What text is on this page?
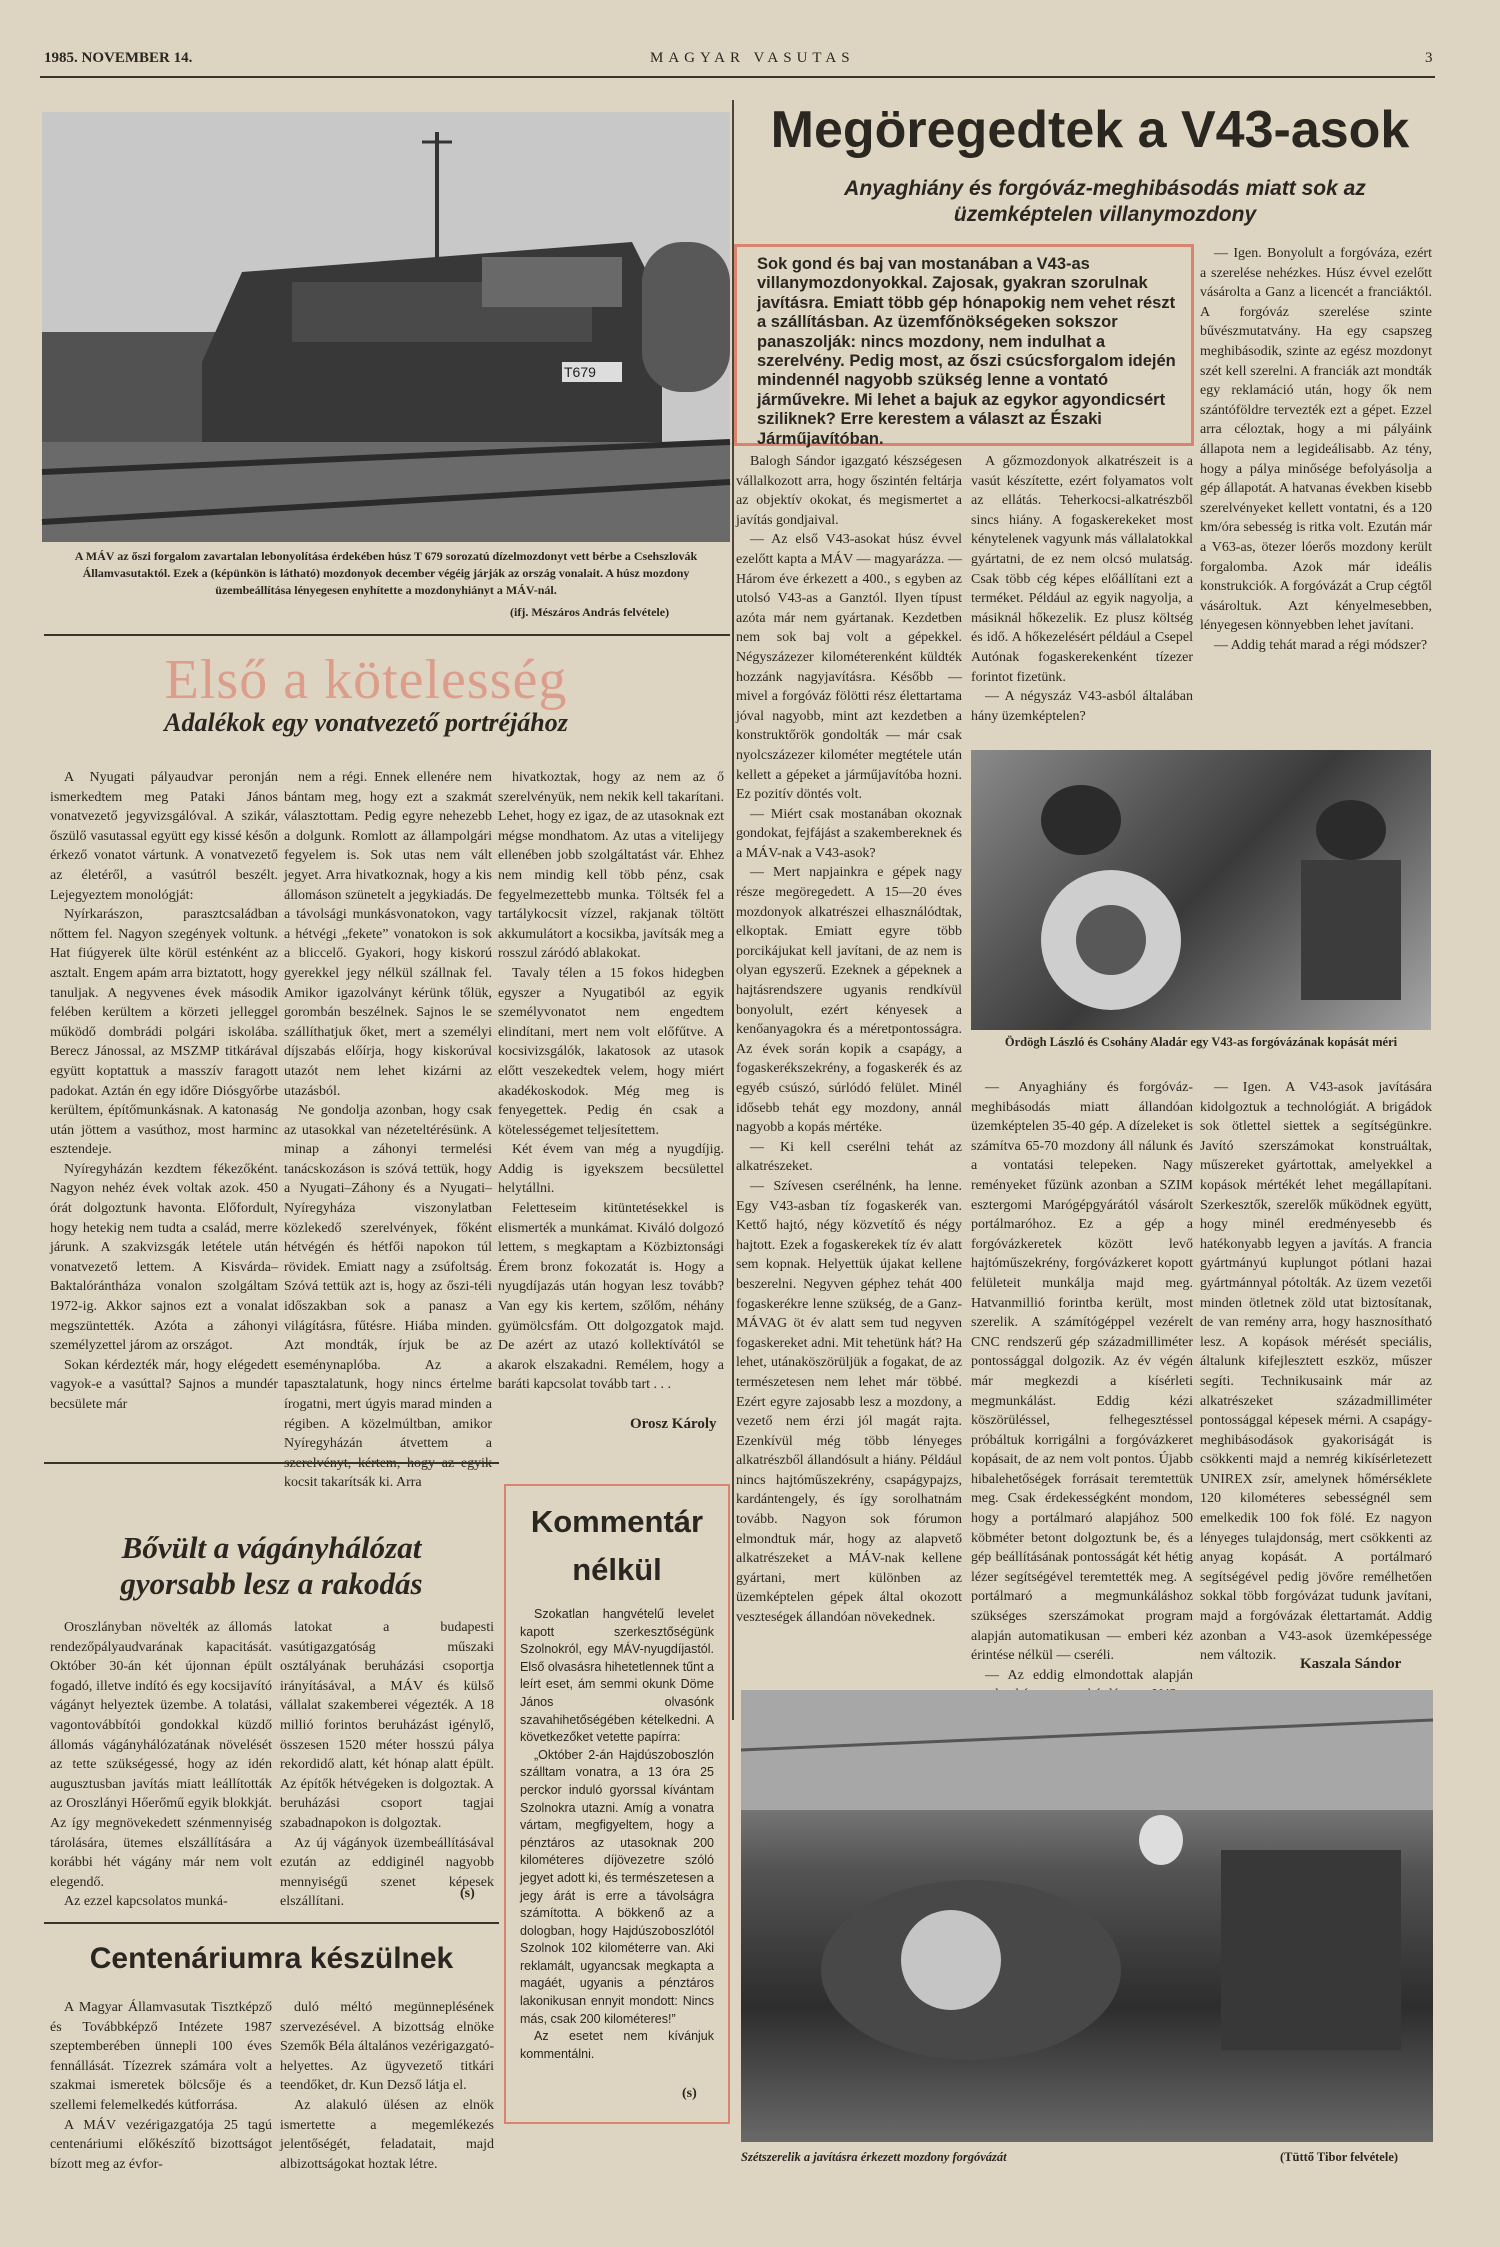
1985. NOVEMBER 14.	MAGYAR VASUTAS	3
T679
A MÁV az őszi forgalom zavartalan lebonyolítása érdekében húsz T 679 sorozatú dízelmozdonyt vett bérbe a Csehszlovák Államvasutaktól. Ezek a (képünkön is látható) mozdonyok december végéig járják az ország vonalait. A húsz mozdony üzembeállítása lényegesen enyhítette a mozdonyhiányt a MÁV-nál.
(ifj. Mészáros András felvétele)
Első a kötelesség
Adalékok egy vonatvezető portréjához

A Nyugati pályaudvar peronján ismerkedtem meg Pataki János vonatvezető jegyvizsgálóval. A szikár, őszülő vasutassal együtt egy kissé későn érkező vonatot vártunk. A vonatvezető az életéről, a vasútról beszélt. Lejegyeztem monológját:

Nyírkarászon, parasztcsaládban nőttem fel. Nagyon szegények voltunk. Hat fiúgyerek ülte körül esténként az asztalt. Engem apám arra biztatott, hogy tanuljak. A negyvenes évek második felében kerültem a körzeti jelleggel működő dombrádi polgári iskolába. Berecz Jánossal, az MSZMP titkárával együtt koptattuk a masszív faragott padokat. Aztán én egy időre Diósgyőrbe kerültem, építőmunkásnak. A katonaság után jöttem a vasúthoz, most harminc esztendeje.

Nyíregyházán kezdtem fékezőként. Nagyon nehéz évek voltak azok. 450 órát dolgoztunk havonta. Előfordult, hogy hetekig nem tudta a család, merre járunk. A szakvizsgák letétele után vonatvezető lettem. A Kisvárda–Baktalórántháza vonalon szolgáltam 1972-ig. Akkor sajnos ezt a vonalat megszüntették. Azóta a záhonyi személyzettel járom az országot.

Sokan kérdezték már, hogy elégedett vagyok-e a vasúttal? Sajnos a mundér becsülete már

nem a régi. Ennek ellenére nem bántam meg, hogy ezt a szakmát választottam. Pedig egyre nehezebb a dolgunk. Romlott az állampolgári fegyelem is. Sok utas nem vált jegyet. Arra hivatkoznak, hogy a kis állomáson szünetelt a jegykiadás. De a távolsági munkásvonatokon, vagy a hétvégi „fekete” vonatokon is sok a bliccelő. Gyakori, hogy kiskorú gyerekkel jegy nélkül szállnak fel. Amikor igazolványt kérünk tőlük, gorombán beszélnek. Sajnos le se szállíthatjuk őket, mert a személyi díjszabás előírja, hogy kiskorúval utazót nem lehet kizárni az utazásból.

Ne gondolja azonban, hogy csak az utasokkal van nézeteltérésünk. A minap a záhonyi termelési tanácskozáson is szóvá tettük, hogy a Nyugati–Záhony és a Nyugati–Nyíregyháza viszonylatban közlekedő szerelvények, főként hétvégén és hétfői napokon túl rövidek. Emiatt nagy a zsúfoltság. Szóvá tettük azt is, hogy az őszi-téli időszakban sok a panasz a világításra, fűtésre. Hiába minden. Azt mondták, írjuk be az eseménynaplóba. Az a tapasztalatunk, hogy nincs értelme írogatni, mert úgyis marad minden a régiben. A közelmúltban, amikor Nyíregyházán átvettem a kocsit takarítsák ki. Arra

hivatkoztak, hogy az nem az ő szerelvényük, nem nekik kell takarítani. Lehet, hogy ez igaz, de az utasoknak ezt mégse mondhatom. Az utas a vitelijegy ellenében jobb szolgáltatást vár. Ehhez nem mindig kell több pénz, csak fegyelmezettebb munka. Töltsék fel a tartálykocsit vízzel, rakjanak töltött akkumulátort a kocsikba, javítsák meg a rosszul záródó ablakokat.

Tavaly télen a 15 fokos hidegben egyszer a Nyugatiból az egyik személyvonatot nem engedtem elindítani, mert nem volt előfűtve. A kocsivizsgálók, lakatosok az utasok előtt veszekedtek velem, hogy miért akadékoskodok. Még meg is fenyegettek. Pedig én csak a kötelességemet teljesítettem.

Két évem van még a nyugdíjig. Addig is igyekszem becsülettel helytállni.

Feletteseim kitüntetésekkel is elismerték a munkámat. Kiváló dolgozó lettem, s megkaptam a Közbiztonsági Érem bronz fokozatát is. Hogy a nyugdíjazás után hogyan lesz tovább? Van egy kis kertem, szőlőm, néhány gyümölcsfám. Ott dolgozgatok majd. De azért az utazó kollektívától se akarok elszakadni. Remélem, hogy a baráti kapcsolat tovább tart . . .

Orosz Károly
Megöregedtek a V43-asok
Anyaghiány és forgóváz-meghibásodás miatt sok az üzemképtelen villanymozdony
Sok gond és baj van mostanában a V43-as villanymozdonyokkal. Zajosak, gyakran szorulnak javításra. Emiatt több gép hónapokig nem vehet részt a szállításban. Az üzemfőnökségeken sokszor panaszolják: nincs mozdony, nem indulhat a szerelvény. Pedig most, az őszi csúcsforgalom idején mindennél nagyobb szükség lenne a vontató járművekre. Mi lehet a bajuk az egykor agyondicsért sziliknek? Erre kerestem a választ az Északi Járműjavítóban.

— Igen. Bonyolult a forgóváza, ezért a szerelése nehézkes. Húsz évvel ezelőtt vásárolta a Ganz a licencét a franciáktól. A forgóváz szerelése szinte bűvészmutatvány. Ha egy csapszeg meghibásodik, szinte az egész mozdonyt szét kell szerelni. A franciák azt mondták egy reklamáció után, hogy ők nem szántóföldre tervezték ezt a gépet. Ezzel arra céloztak, hogy a mi pályáink állapota nem a legideálisabb. Az tény, hogy a pálya minősége befolyásolja a gép állapotát. A hatvanas években kisebb szerelvényeket kellett vontatni, és a 120 km/óra sebesség is ritka volt. Ezután már a V63-as, ötezer lóerős mozdony került forgalomba. Azok már ideális konstrukciók. A forgóvázát a Crup cégtől vásároltuk. Azt kényelmesebben, lényegesen könnyebben lehet javítani.

— Addig tehát marad a régi módszer?

Balogh Sándor igazgató készségesen vállalkozott arra, hogy őszintén feltárja az objektív okokat, és megismertet a javítás gondjaival.

— Az első V43-asokat húsz évvel ezelőtt kapta a MÁV — magyarázza. — Három éve érkezett a 400., s egyben az utolsó V43-as a Ganztól. Ilyen típust azóta már nem gyártanak. Kezdetben nem sok baj volt a gépekkel. Négyszázezer kilométerenként küldték hozzánk nagyjavításra. Később — mivel a forgóváz fölötti rész élettartama jóval nagyobb, mint azt kezdetben a konstruktőrök gondolták — már csak nyolcszázezer kilométer megtétele után kellett a gépeket a járműjavítóba hozni. Ez pozitív döntés volt.

— Miért csak mostanában okoznak gondokat, fejfájást a szakembereknek és a MÁV-nak a V43-asok?

— Mert napjainkra e gépek nagy része megöregedett. A 15—20 éves mozdonyok alkatrészei elhasználódtak, elkoptak. Emiatt egyre több porcikájukat kell javítani, de az nem is olyan egyszerű. Ezeknek a gépeknek a hajtásrendszere ugyanis rendkívül bonyolult, ezért kényesek a kenőanyagokra és a méretpontosságra. Az évek során kopik a csapágy, a fogaskerékszekrény, a fogaskerék és az egyéb csúszó, súrlódó felület. Minél idősebb tehát egy mozdony, annál nagyobb a kopás mértéke.

— Ki kell cserélni tehát az alkatrészeket.

— Szívesen cserélnénk, ha lenne. Egy V43-asban tíz fogaskerék van. Kettő hajtó, négy közvetítő és négy hajtott. Ezek a fogaskerekek tíz év alatt sem kopnak. Helyettük újakat kellene beszerelni. Negyven géphez tehát 400 fogaskerékre lenne szükség, de a Ganz-MÁVAG öt év alatt sem tud negyven fogaskereket adni. Mit tehetünk hát? Ha lehet, utánaköszörüljük a fogakat, de az természetesen nem lehet már többé. Ezért egyre zajosabb lesz a mozdony, a vezető nem érzi jól magát rajta. Ezenkívül még több lényeges alkatrészből állandósult a hiány. Például nincs hajtóműszekrény, csapágypajzs, kardántengely, és így sorolhatnám tovább. Nagyon sok fórumon elmondtuk már, hogy az alapvető alkatrészeket a MÁV-nak kellene gyártani, mert különben az üzemképtelen gépek által okozott veszteségek állandóan növekednek.

A gőzmozdonyok alkatrészeit is a vasút készítette, ezért folyamatos volt az ellátás. Teherkocsi-alkatrészből sincs hiány. A fogaskerekeket most kénytelenek vagyunk más vállalatokkal gyártatni, de ez nem olcsó mulatság. Csak több cég képes előállítani ezt a terméket. Például az egyik nagyolja, a másiknál hőkezelik. Ez plusz költség és idő. A hőkezelésért például a Csepel Autónak fogaskerekenként tízezer forintot fizetünk.

— A négyszáz V43-asból általában hány üzemképtelen?

Ördögh László és Csohány Aladár egy V43-as forgóvázának kopását méri

— Anyaghiány és forgóváz-meghibásodás miatt állandóan üzemképtelen 35-40 gép. A dízeleket is számítva 65-70 mozdony áll nálunk és a vontatási telepeken. Nagy reményeket fűzünk azonban a SZIM esztergomi Marógépgyárától vásárolt portálmaróhoz. Ez a gép a forgóvázkeretek között levő hajtóműszekrény, forgóvázkeret kopott felületeit munkálja majd meg. Hatvanmillió forintba került, most szerelik. A számítógéppel vezérelt CNC rendszerű gép századmilliméter pontossággal dolgozik. Az év végén már megkezdi a kísérleti megmunkálást. Eddig kézi köszörüléssel, felhegesztéssel próbáltuk korrigálni a forgóvázkeret kopásait, de az nem volt pontos. Újabb hibalehetőségek forrásait teremtettük meg. Csak érdekességként mondom, hogy a portálmaró alapjához 500 köbméter betont dolgoztunk be, és a gép beállításának pontosságát két hétig lézer segítségével teremtették meg. A portálmaró a megmunkáláshoz szükséges szerszámokat program alapján automatikusan — emberi kéz érintése nélkül — cseréli.

— Az eddig elmondottak alapján

— Igen. A V43-asok javítására kidolgoztuk a technológiát. A brigádok sok ötlettel siettek a segítségünkre. Javító szerszámokat konstruáltak, műszereket gyártottak, amelyekkel a kopások mértékét lehet megállapítani. Szerkesztők, szerelők működnek együtt, hogy minél eredményesebb és hatékonyabb legyen a javítás. A francia gyártmányú kuplungot pótlani hazai gyártmánnyal pótolták. Az üzem vezetői minden ötletnek zöld utat biztosítanak, de van remény arra, hogy hasznosítható lesz. A kopások mérését speciális, általunk kifejlesztett eszköz, műszer segíti. Technikusaink már az alkatrészeket századmilliméter pontossággal képesek mérni. A csapágy-meghibásodások gyakoriságát is csökkenti majd a nemrég kikísérletezett UNIREX zsír, amelynek hőmérséklete 120 kilométeres sebességnél sem emelkedik 100 fok fölé. Ez nagyon lényeges tulajdonság, mert csökkenti az anyag kopását. A portálmaró segítségével pedig jövőre remélhetően sokkal több forgóvázat tudunk javítani, majd a forgóvázak élettartamát. Addig azonban a V43-asok üzemképessége nem változik.

Kaszala Sándor
Szétszerelik a javításra érkezett mozdony forgóvázát	(Tüttő Tibor felvétele)
Bővült a vágányhálózat
gyorsabb lesz a rakodás

Oroszlányban növelték az állomás rendezőpályaudvarának kapacitását. Október 30-án két újonnan épült fogadó, illetve indító és egy kocsijavító vágányt helyeztek üzembe. A tolatási, vagontovábbítói gondokkal küzdő állomás vágányhálózatának növelését az tette szükségessé, hogy az idén augusztusban javítás miatt leállították az Oroszlányi Hőerőmű egyik blokkját. Az így megnövekedett szénmennyiség tárolására, ütemes elszállítására a korábbi hét vágány már nem volt elegendő.

Az ezzel kapcsolatos munká-

latokat a budapesti vasútigazgatóság műszaki osztályának beruházási csoportja irányításával, a MÁV és külső vállalat szakemberei végezték. A 18 millió forintos beruházást igénylő, összesen 1520 méter hosszú pálya rekordidő alatt, két hónap alatt épült. Az építők hétvégeken is dolgoztak. A beruházási csoport tagjai szabadnapokon is dolgoztak.

Az új vágányok üzembeállításával ezután az eddiginél nagyobb mennyiségű szenet képesek elszállítani.

(s)
Kommentár
nélkül

Szokatlan hangvételű levelet kapott szerkesztőségünk Szolnokról, egy MÁV-nyugdíjastól. Első olvasásra hihetetlennek tűnt a leírt eset, ám semmi okunk Döme János olvasónk szavahihetőségében kételkedni. A következőket vetette papírra:

„Október 2-án Hajdúszoboszlón szálltam vonatra, a 13 óra 25 perckor induló gyorssal kívántam Szolnokra utazni. Amíg a vonatra vártam, megfigyeltem, hogy a pénztáros az utasoknak 200 kilométeres díjövezetre szóló jegyet adott ki, és természetesen a jegy árát is erre a távolságra számította. A bökkenő az a dologban, hogy Hajdúszoboszlótól Szolnok 102 kilométerre van. Aki reklamált, ugyancsak megkapta a magáét, ugyanis a pénztáros lakonikusan ennyit mondott: Nincs más, csak 200 kilométeres!”

Az esetet nem kívánjuk kommentálni.

(s)
Centenáriumra készülnek

A Magyar Államvasutak Tisztképző és Továbbképző Intézete 1987 szeptemberében ünnepli 100 éves fennállását. Tízezrek számára volt a szakmai ismeretek bölcsője és a szellemi felemelkedés kútforrása.

A MÁV vezérigazgatója 25 tagú centenáriumi előkészítő bizottságot bízott meg az évfor-

duló méltó megünneplésének szervezésével. A bizottság elnöke Szemők Béla általános vezérigazgató-helyettes. Az ügyvezető titkári teendőket, dr. Kun Dezső látja el.

Az alakuló ülésen az elnök ismertette a megemlékezés jelentőségét, feladatait, majd albizottságokat hoztak létre.
